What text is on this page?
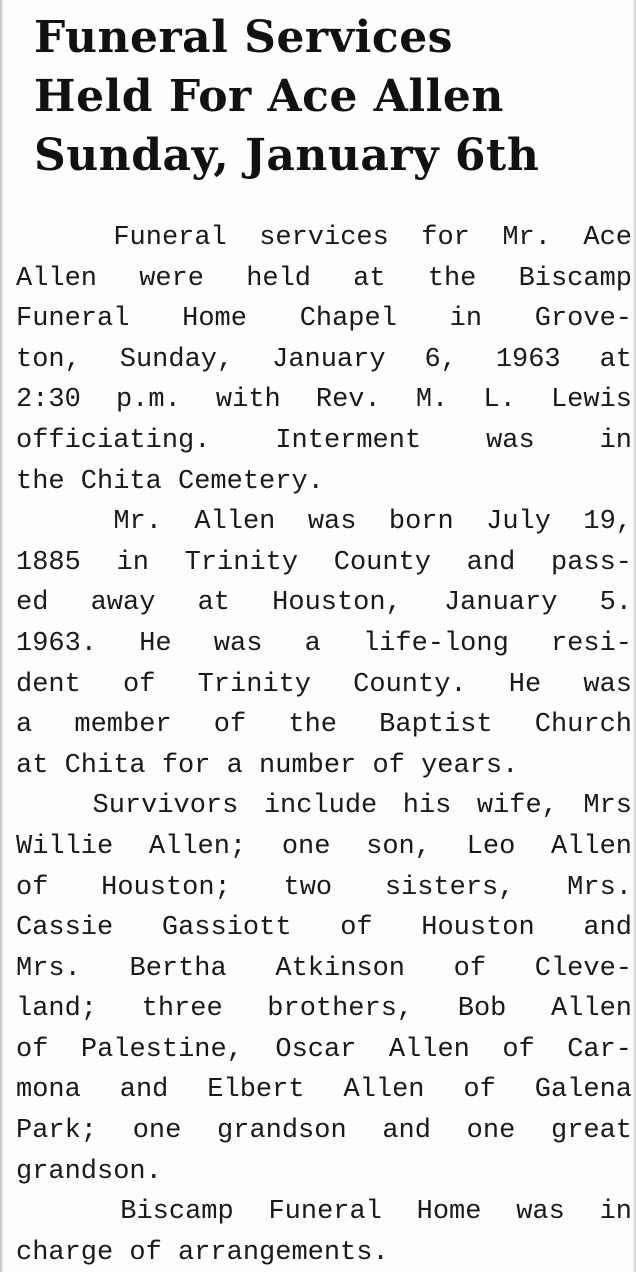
Funeral Services
Held For Ace Allen
Sunday, January 6th

Funeral services for Mr. Ace
Allen were held at the Biscamp
Funeral Home Chapel in Grove-
ton, Sunday, January 6, 1963 at
2:30 p.m. with Rev. M. L. Lewis
officiating. Interment was in
the Chita Cemetery.

Mr. Allen was born July 19,
1885 in Trinity County and pass-
ed away at Houston, January 5.
1963. He was a life-long resi-
dent of Trinity County. He was
a member of the Baptist Church
at Chita for a number of years.

Survivors include his wife, Mrs
Willie Allen; one son, Leo Allen
of Houston; two sisters, Mrs.
Cassie Gassiott of Houston and
Mrs. Bertha Atkinson of Cleve-
land; three brothers, Bob Allen
of Palestine, Oscar Allen of Car-
mona and Elbert Allen of Galena
Park; one grandson and one great
grandson.

Biscamp Funeral Home was in
charge of arrangements.
